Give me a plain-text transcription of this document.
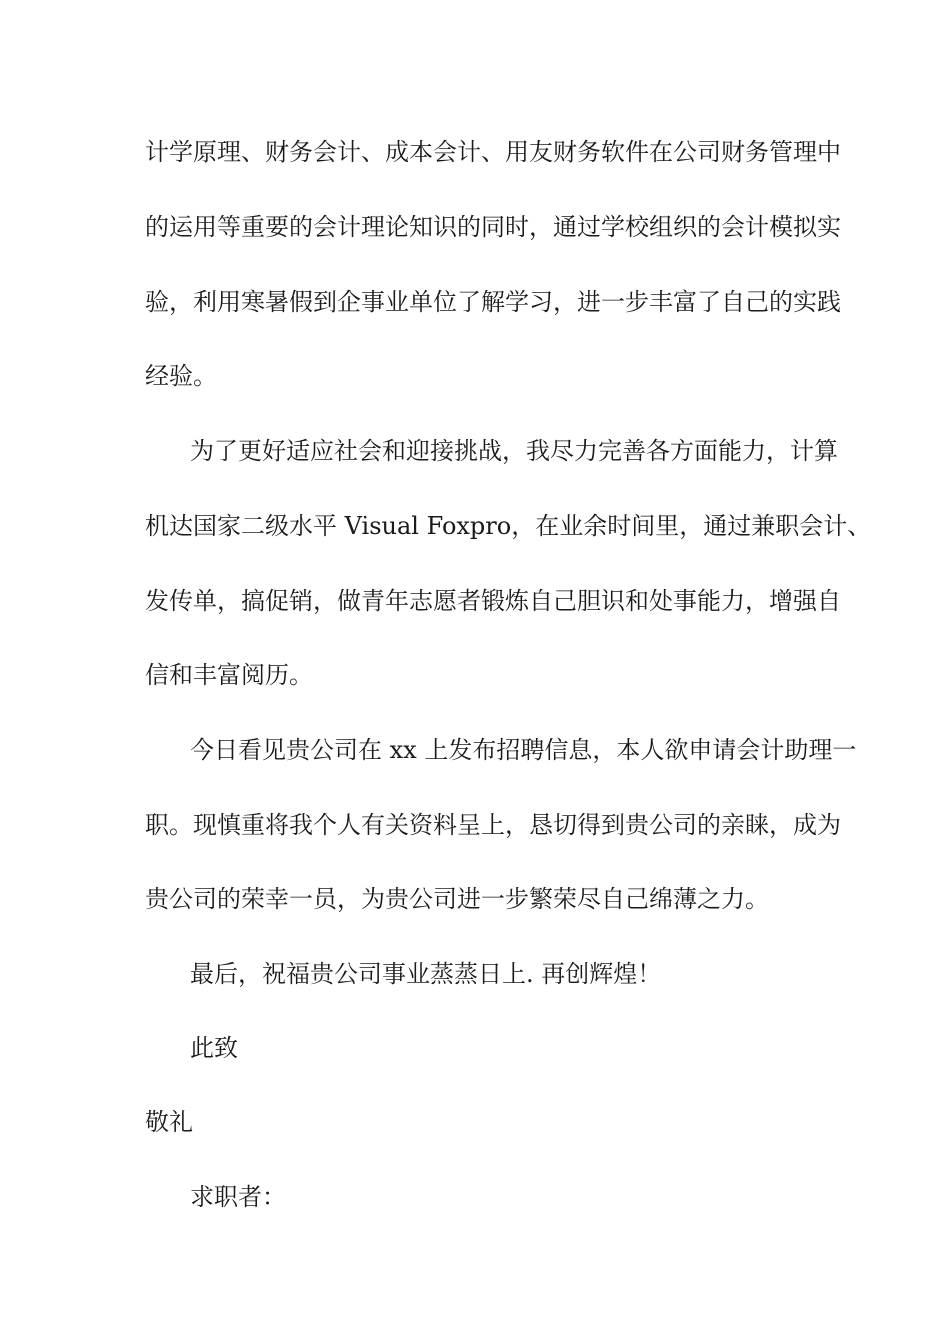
计学原理、财务会计、成本会计、用友财务软件在公司财务管理中
的运用等重要的会计理论知识的同时，通过学校组织的会计模拟实
验，利用寒暑假到企事业单位了解学习，进一步丰富了自己的实践
经验。
为了更好适应社会和迎接挑战，我尽力完善各方面能力，计算
机达国家二级水平 Visual Foxpro，在业余时间里，通过兼职会计、
发传单，搞促销，做青年志愿者锻炼自己胆识和处事能力，增强自
信和丰富阅历。
今日看见贵公司在 xx 上发布招聘信息，本人欲申请会计助理一
职。现慎重将我个人有关资料呈上，恳切得到贵公司的亲睐，成为
贵公司的荣幸一员，为贵公司进一步繁荣尽自己绵薄之力。
最后，祝福贵公司事业蒸蒸日上. 再创辉煌！
此致
敬礼
求职者：
